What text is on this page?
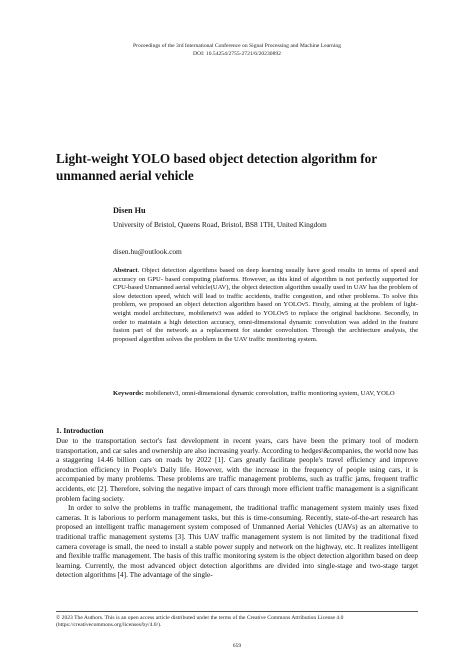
Proceedings of the 3rd International Conference on Signal Processing and Machine Learning
DOI: 10.54254/2755-2721/6/20230892
Light-weight YOLO based object detection algorithm for unmanned aerial vehicle
Disen Hu
University of Bristol, Queens Road, Bristol, BS8 1TH, United Kingdom
disen.hu@outlook.com
Abstract. Object detection algorithms based on deep learning usually have good results in terms of speed and accuracy on GPU- based computing platforms. However, as this kind of algorithm is not perfectly supported for CPU-based Unmanned aerial vehicle(UAV), the object detection algorithm usually used in UAV has the problem of slow detection speed, which will lead to traffic accidents, traffic congestion, and other problems. To solve this problem, we proposed an object detection algorithm based on YOLOv5. Firstly, aiming at the problem of light- weight model architecture, mobilenetv3 was added to YOLOv5 to replace the original backbone. Secondly, in order to maintain a high detection accuracy, omni-dimensional dynamic convolution was added in the feature fusion part of the network as a replacement for stander convolution. Through the architecture analysis, the proposed algorithm solves the problem in the UAV traffic monitoring system.
Keywords: mobilenetv3, omni-dimensional dynamic convolution, traffic monitoring system, UAV, YOLO
1. Introduction

Due to the transportation sector's fast development in recent years, cars have been the primary tool of modern transportation, and car sales and ownership are also increasing yearly. According to hedges\&companies, the world now has a staggering 14.46 billion cars on roads by 2022 [1]. Cars greatly facilitate people's travel efficiency and improve production efficiency in People's Daily life. However, with the increase in the frequency of people using cars, it is accompanied by many problems. These problems are traffic management problems, such as traffic jams, frequent traffic accidents, etc [2]. Therefore, solving the negative impact of cars through more efficient traffic management is a significant problem facing society.

In order to solve the problems in traffic management, the traditional traffic management system mainly uses fixed cameras. It is laborious to perform management tasks, but this is time-consuming. Recently, state-of-the-art research has proposed an intelligent traffic management system composed of Unmanned Aerial Vehicles (UAVs) as an alternative to traditional traffic management systems [3]. This UAV traffic management system is not limited by the traditional fixed camera coverage is small, the need to install a stable power supply and network on the highway, etc. It realizes intelligent and flexible traffic management. The basis of this traffic monitoring system is the object detection algorithm based on deep learning. Currently, the most advanced object detection algorithms are divided into single-stage and two-stage target detection algorithms [4]. The advantage of the single-

© 2023 The Authors. This is an open access article distributed under the terms of the Creative Commons Attribution License 4.0
(https://creativecommons.org/licenses/by/4.0/).
659
